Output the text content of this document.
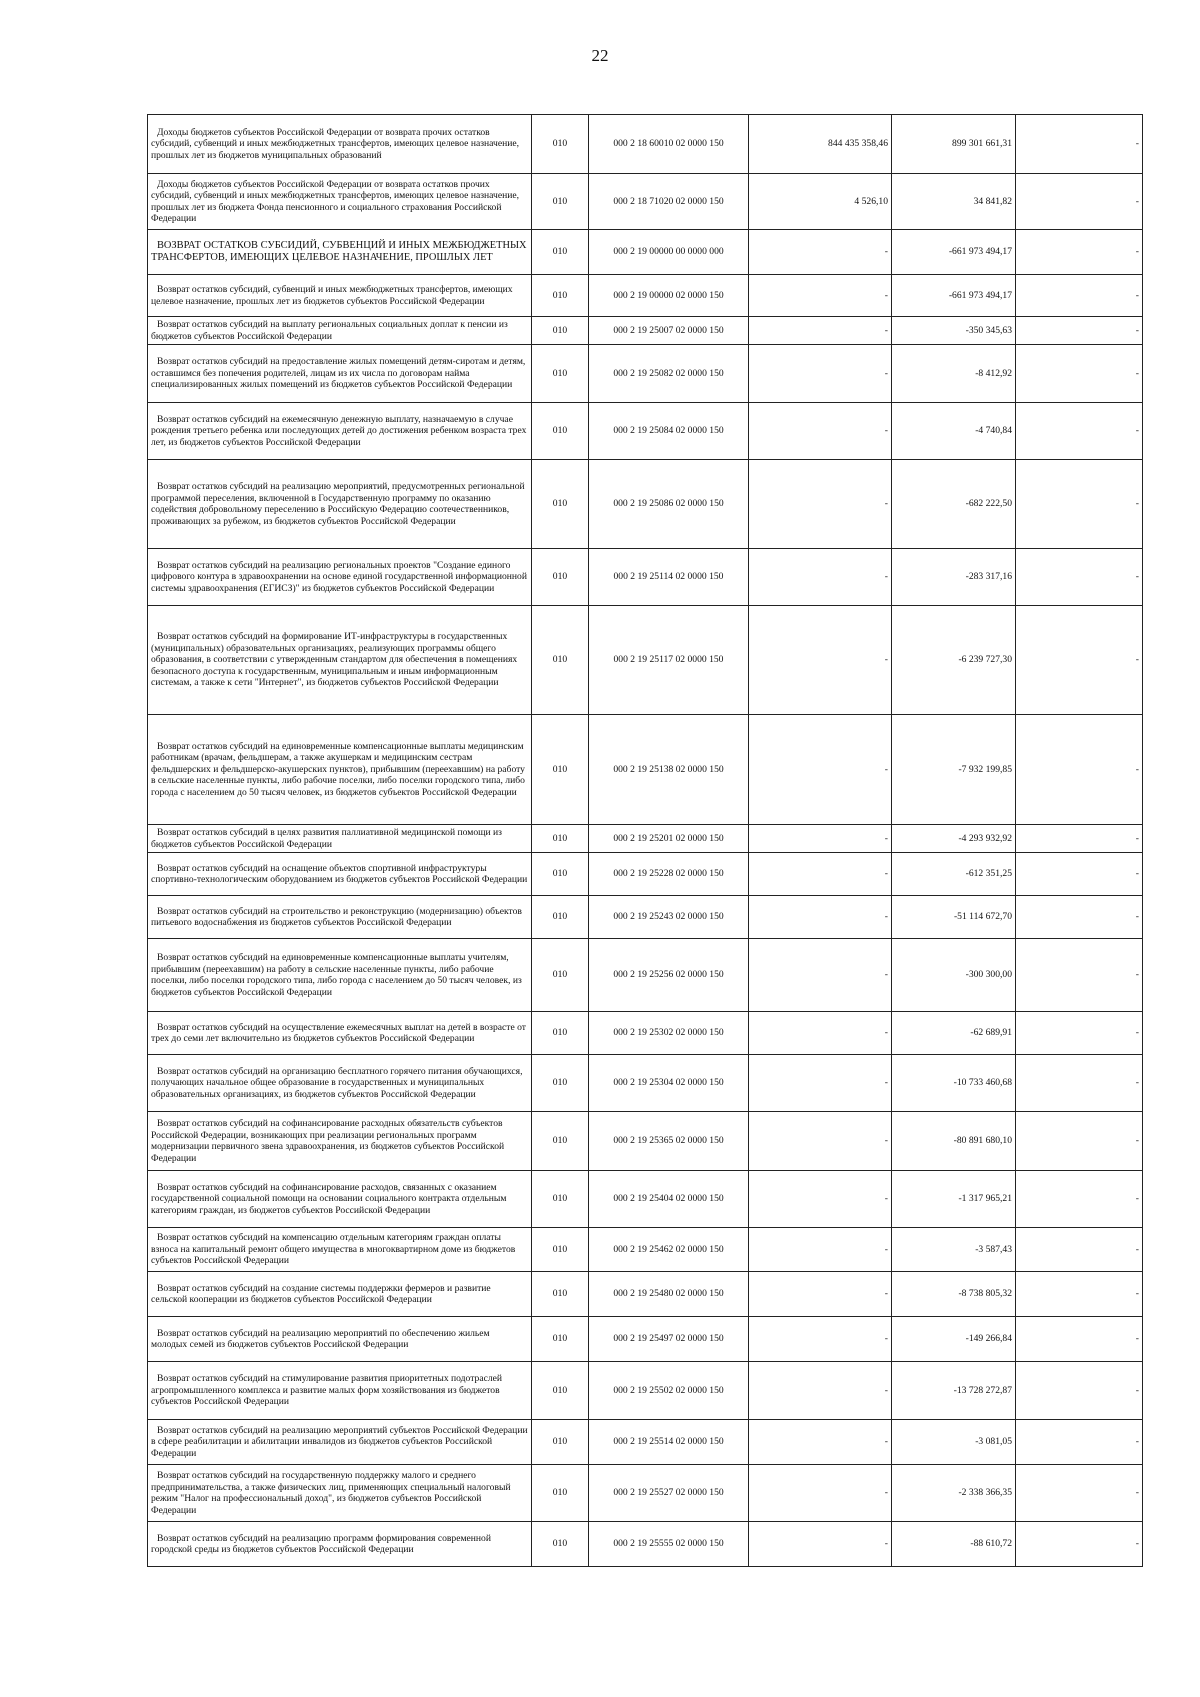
22
Доходы бюджетов субъектов Российской Федерации от возврата прочих остатков субсидий, субвенций и иных межбюджетных трансфертов, имеющих целевое назначение, прошлых лет из бюджетов муниципальных образований	010	000 2 18 60010 02 0000 150	844 435 358,46	899 301 661,31	-
Доходы бюджетов субъектов Российской Федерации от возврата остатков прочих субсидий, субвенций и иных межбюджетных трансфертов, имеющих целевое назначение, прошлых лет из бюджета Фонда пенсионного и социального страхования Российской Федерации	010	000 2 18 71020 02 0000 150	4 526,10	34 841,82	-
ВОЗВРАТ ОСТАТКОВ СУБСИДИЙ, СУБВЕНЦИЙ И ИНЫХ МЕЖБЮДЖЕТНЫХ ТРАНСФЕРТОВ, ИМЕЮЩИХ ЦЕЛЕВОЕ НАЗНАЧЕНИЕ, ПРОШЛЫХ ЛЕТ	010	000 2 19 00000 00 0000 000	-	-661 973 494,17	-
Возврат остатков субсидий, субвенций и иных межбюджетных трансфертов, имеющих целевое назначение, прошлых лет из бюджетов субъектов Российской Федерации	010	000 2 19 00000 02 0000 150	-	-661 973 494,17	-
Возврат остатков субсидий на выплату региональных социальных доплат к пенсии из бюджетов субъектов Российской Федерации	010	000 2 19 25007 02 0000 150	-	-350 345,63	-
Возврат остатков субсидий на предоставление жилых помещений детям-сиротам и детям, оставшимся без попечения родителей, лицам из их числа по договорам найма специализированных жилых помещений из бюджетов субъектов Российской Федерации	010	000 2 19 25082 02 0000 150	-	-8 412,92	-
Возврат остатков субсидий на ежемесячную денежную выплату, назначаемую в случае рождения третьего ребенка или последующих детей до достижения ребенком возраста трех лет, из бюджетов субъектов Российской Федерации	010	000 2 19 25084 02 0000 150	-	-4 740,84	-
Возврат остатков субсидий на реализацию мероприятий, предусмотренных региональной программой переселения, включенной в Государственную программу по оказанию содействия добровольному переселению в Российскую Федерацию соотечественников, проживающих за рубежом, из бюджетов субъектов Российской Федерации	010	000 2 19 25086 02 0000 150	-	-682 222,50	-
Возврат остатков субсидий на реализацию региональных проектов "Создание единого цифрового контура в здравоохранении на основе единой государственной информационной системы здравоохранения (ЕГИСЗ)" из бюджетов субъектов Российской Федерации	010	000 2 19 25114 02 0000 150	-	-283 317,16	-
Возврат остатков субсидий на формирование ИТ-инфраструктуры в государственных (муниципальных) образовательных организациях, реализующих программы общего образования, в соответствии с утвержденным стандартом для обеспечения в помещениях безопасного доступа к государственным, муниципальным и иным информационным системам, а также к сети "Интернет", из бюджетов субъектов Российской Федерации	010	000 2 19 25117 02 0000 150	-	-6 239 727,30	-
Возврат остатков субсидий на единовременные компенсационные выплаты медицинским работникам (врачам, фельдшерам, а также акушеркам и медицинским сестрам фельдшерских и фельдшерско-акушерских пунктов), прибывшим (переехавшим) на работу в сельские населенные пункты, либо рабочие поселки, либо поселки городского типа, либо города с населением до 50 тысяч человек, из бюджетов субъектов Российской Федерации	010	000 2 19 25138 02 0000 150	-	-7 932 199,85	-
Возврат остатков субсидий в целях развития паллиативной медицинской помощи из бюджетов субъектов Российской Федерации	010	000 2 19 25201 02 0000 150	-	-4 293 932,92	-
Возврат остатков субсидий на оснащение объектов спортивной инфраструктуры спортивно-технологическим оборудованием из бюджетов субъектов Российской Федерации	010	000 2 19 25228 02 0000 150	-	-612 351,25	-
Возврат остатков субсидий на строительство и реконструкцию (модернизацию) объектов питьевого водоснабжения из бюджетов субъектов Российской Федерации	010	000 2 19 25243 02 0000 150	-	-51 114 672,70	-
Возврат остатков субсидий на единовременные компенсационные выплаты учителям, прибывшим (переехавшим) на работу в сельские населенные пункты, либо рабочие поселки, либо поселки городского типа, либо города с населением до 50 тысяч человек, из бюджетов субъектов Российской Федерации	010	000 2 19 25256 02 0000 150	-	-300 300,00	-
Возврат остатков субсидий на осуществление ежемесячных выплат на детей в возрасте от трех до семи лет включительно из бюджетов субъектов Российской Федерации	010	000 2 19 25302 02 0000 150	-	-62 689,91	-
Возврат остатков субсидий на организацию бесплатного горячего питания обучающихся, получающих начальное общее образование в государственных и муниципальных образовательных организациях, из бюджетов субъектов Российской Федерации	010	000 2 19 25304 02 0000 150	-	-10 733 460,68	-
Возврат остатков субсидий на софинансирование расходных обязательств субъектов Российской Федерации, возникающих при реализации региональных программ модернизации первичного звена здравоохранения, из бюджетов субъектов Российской Федерации	010	000 2 19 25365 02 0000 150	-	-80 891 680,10	-
Возврат остатков субсидий на софинансирование расходов, связанных с оказанием государственной социальной помощи на основании социального контракта отдельным категориям граждан, из бюджетов субъектов Российской Федерации	010	000 2 19 25404 02 0000 150	-	-1 317 965,21	-
Возврат остатков субсидий на компенсацию отдельным категориям граждан оплаты взноса на капитальный ремонт общего имущества в многоквартирном доме из бюджетов субъектов Российской Федерации	010	000 2 19 25462 02 0000 150	-	-3 587,43	-
Возврат остатков субсидий на создание системы поддержки фермеров и развитие сельской кооперации из бюджетов субъектов Российской Федерации	010	000 2 19 25480 02 0000 150	-	-8 738 805,32	-
Возврат остатков субсидий на реализацию мероприятий по обеспечению жильем молодых семей из бюджетов субъектов Российской Федерации	010	000 2 19 25497 02 0000 150	-	-149 266,84	-
Возврат остатков субсидий на стимулирование развития приоритетных подотраслей агропромышленного комплекса и развитие малых форм хозяйствования из бюджетов субъектов Российской Федерации	010	000 2 19 25502 02 0000 150	-	-13 728 272,87	-
Возврат остатков субсидий на реализацию мероприятий субъектов Российской Федерации в сфере реабилитации и абилитации инвалидов из бюджетов субъектов Российской Федерации	010	000 2 19 25514 02 0000 150	-	-3 081,05	-
Возврат остатков субсидий на государственную поддержку малого и среднего предпринимательства, а также физических лиц, применяющих специальный налоговый режим "Налог на профессиональный доход", из бюджетов субъектов Российской Федерации	010	000 2 19 25527 02 0000 150	-	-2 338 366,35	-
Возврат остатков субсидий на реализацию программ формирования современной городской среды из бюджетов субъектов Российской Федерации	010	000 2 19 25555 02 0000 150	-	-88 610,72	-
